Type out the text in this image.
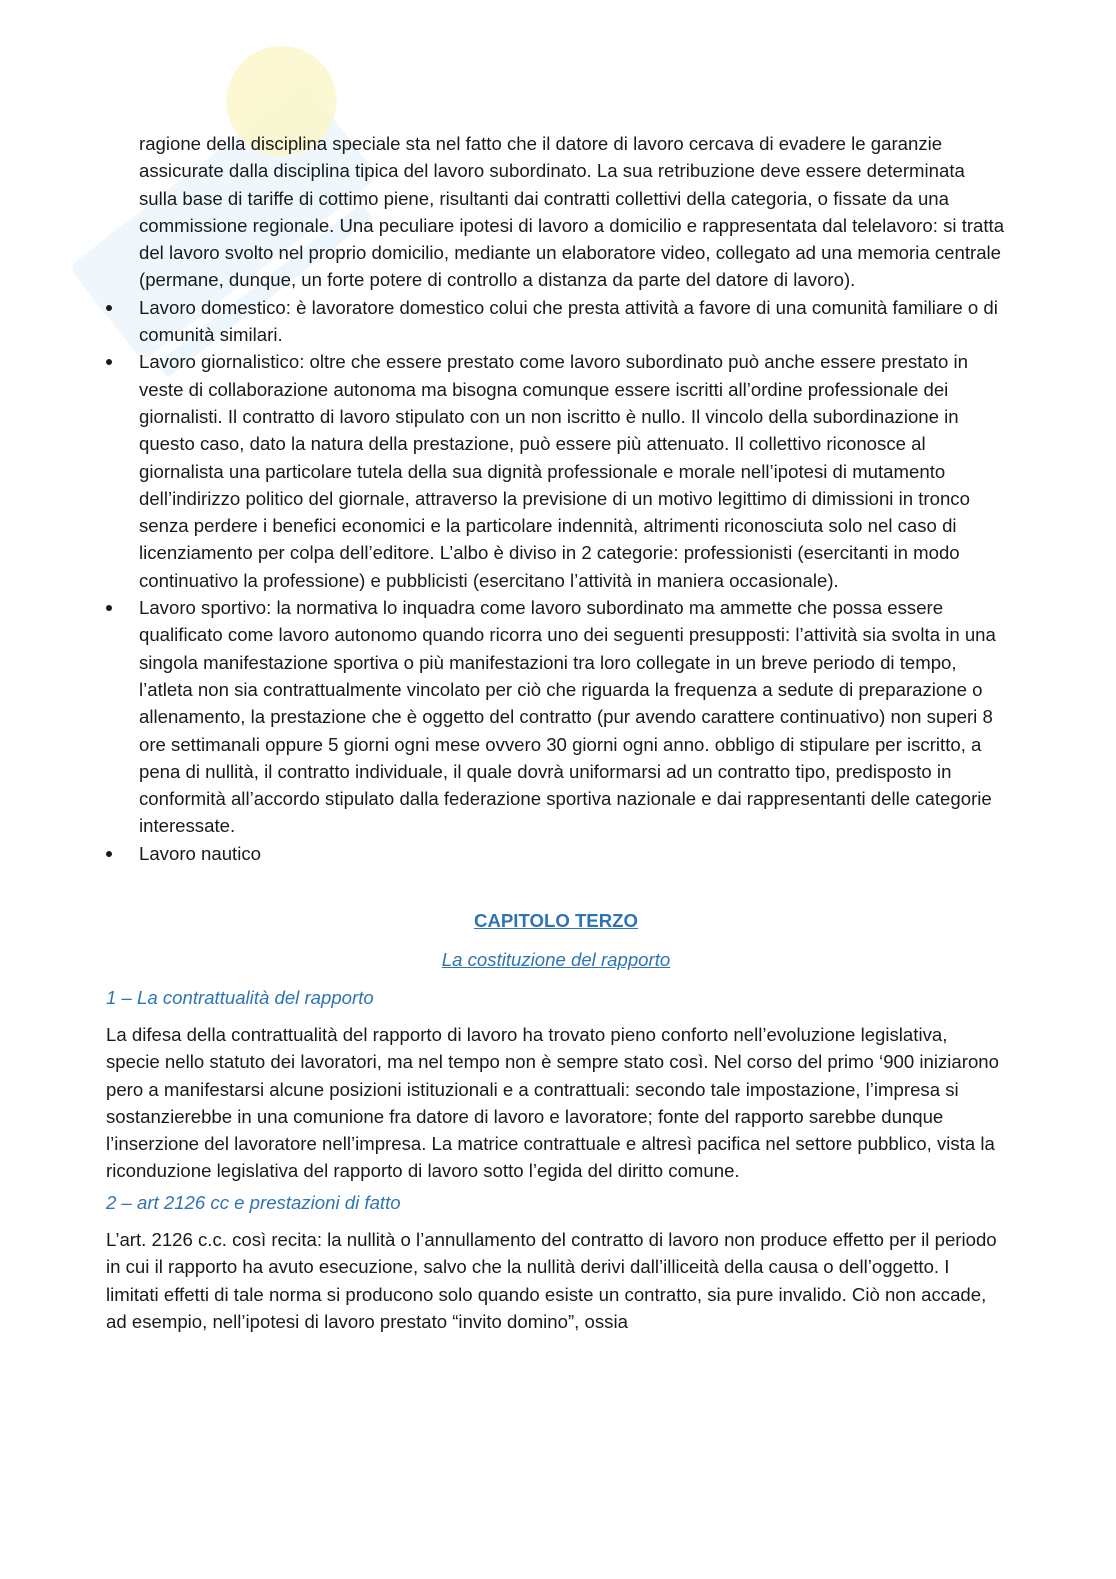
ragione della disciplina speciale sta nel fatto che il datore di lavoro cercava di evadere le garanzie assicurate dalla disciplina tipica del lavoro subordinato. La sua retribuzione deve essere determinata sulla base di tariffe di cottimo piene, risultanti dai contratti collettivi della categoria, o fissate da una commissione regionale. Una peculiare ipotesi di lavoro a domicilio e rappresentata dal telelavoro: si tratta del lavoro svolto nel proprio domicilio, mediante un elaboratore video, collegato ad una memoria centrale (permane, dunque, un forte potere di controllo a distanza da parte del datore di lavoro).
Lavoro domestico: è lavoratore domestico colui che presta attività a favore di una comunità familiare o di comunità similari.
Lavoro giornalistico: oltre che essere prestato come lavoro subordinato può anche essere prestato in veste di collaborazione autonoma ma bisogna comunque essere iscritti all’ordine professionale dei giornalisti. Il contratto di lavoro stipulato con un non iscritto è nullo. Il vincolo della subordinazione in questo caso, dato la natura della prestazione, può essere più attenuato. Il collettivo riconosce al giornalista una particolare tutela della sua dignità professionale e morale nell’ipotesi di mutamento dell’indirizzo politico del giornale, attraverso la previsione di un motivo legittimo di dimissioni in tronco senza perdere i benefici economici e la particolare indennità, altrimenti riconosciuta solo nel caso di licenziamento per colpa dell’editore. L’albo è diviso in 2 categorie: professionisti (esercitanti in modo continuativo la professione) e pubblicisti (esercitano l’attività in maniera occasionale).
Lavoro sportivo: la normativa lo inquadra come lavoro subordinato ma ammette che possa essere qualificato come lavoro autonomo quando ricorra uno dei seguenti presupposti: l’attività sia svolta in una singola manifestazione sportiva o più manifestazioni tra loro collegate in un breve periodo di tempo, l’atleta non sia contrattualmente vincolato per ciò che riguarda la frequenza a sedute di preparazione o allenamento, la prestazione che è oggetto del contratto (pur avendo carattere continuativo) non superi 8 ore settimanali oppure 5 giorni ogni mese ovvero 30 giorni ogni anno. obbligo di stipulare per iscritto, a pena di nullità, il contratto individuale, il quale dovrà uniformarsi ad un contratto tipo, predisposto in conformità all’accordo stipulato dalla federazione sportiva nazionale e dai rappresentanti delle categorie interessate.
Lavoro nautico
CAPITOLO TERZO
La costituzione del rapporto
1 – La contrattualità del rapporto

La difesa della contrattualità del rapporto di lavoro ha trovato pieno conforto nell’evoluzione legislativa, specie nello statuto dei lavoratori, ma nel tempo non è sempre stato così. Nel corso del primo ‘900 iniziarono pero a manifestarsi alcune posizioni istituzionali e a contrattuali: secondo tale impostazione, l’impresa si sostanzierebbe in una comunione fra datore di lavoro e lavoratore; fonte del rapporto sarebbe dunque l’inserzione del lavoratore nell’impresa. La matrice contrattuale e altresì pacifica nel settore pubblico, vista la riconduzione legislativa del rapporto di lavoro sotto l’egida del diritto comune.

2 – art 2126 cc e prestazioni di fatto

L’art. 2126 c.c. così recita: la nullità o l’annullamento del contratto di lavoro non produce effetto per il periodo in cui il rapporto ha avuto esecuzione, salvo che la nullità derivi dall’illiceità della causa o dell’oggetto. I limitati effetti di tale norma si producono solo quando esiste un contratto, sia pure invalido. Ciò non accade, ad esempio, nell’ipotesi di lavoro prestato “invito domino”, ossia
